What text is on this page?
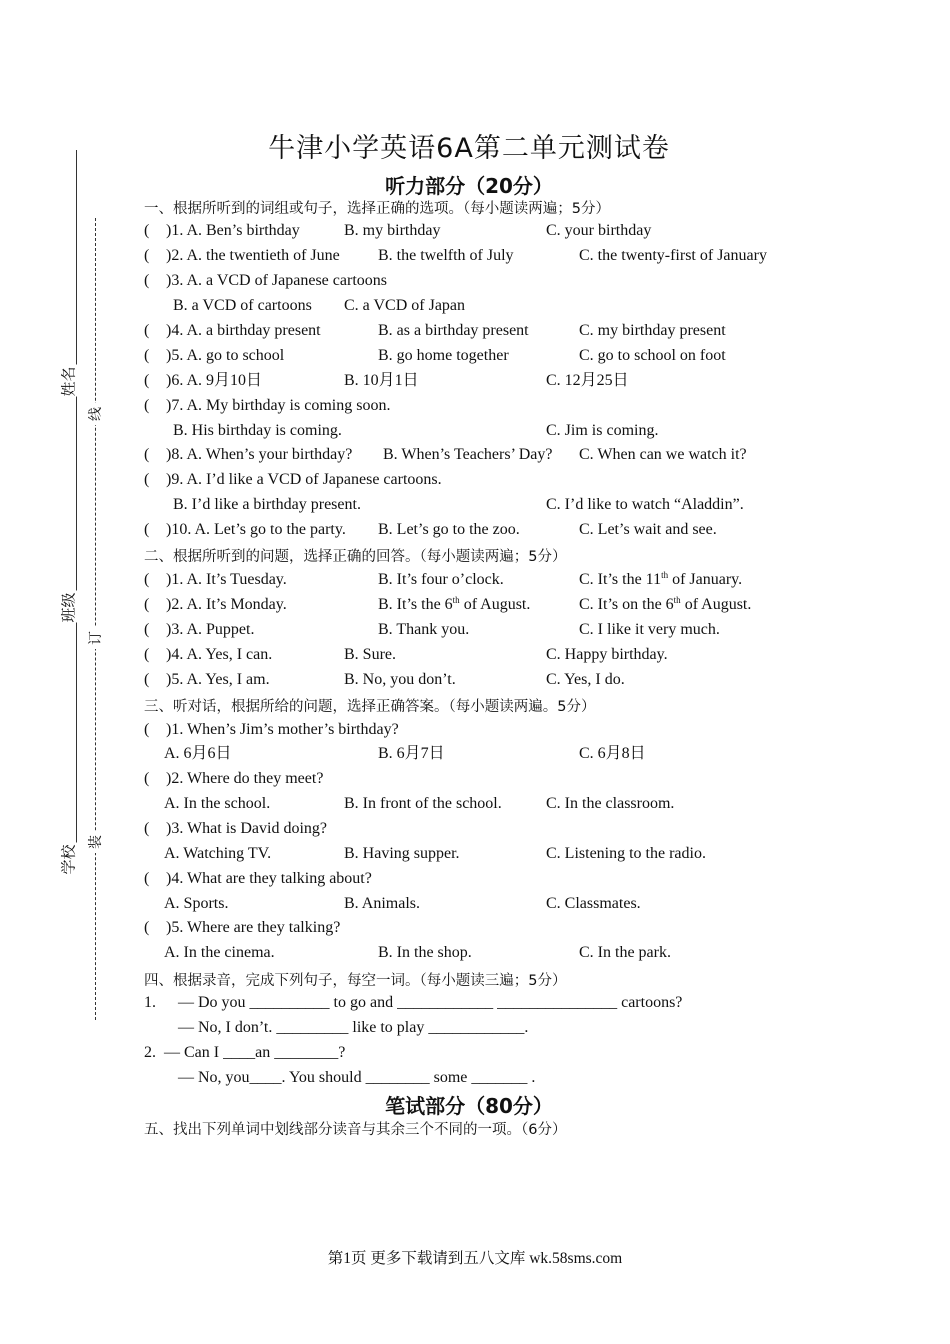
姓名
班级
学校
线
订
装
牛津小学英语6A第二单元测试卷
听力部分（20分）
一、根据所听到的词组或句子，选择正确的选项。（每小题读两遍；5分）
( )1. A. Ben’s birthday	B. my birthday	C. your birthday
( )2. A. the twentieth of June B. the twelfth of July	C. the twenty-first of January
( )3. A. a VCD of Japanese cartoons
B. a VCD of cartoons C. a VCD of Japan
( )4. A. a birthday present	B. as a birthday present	C. my birthday present
( )5. A. go to school	B. go home together	C. go to school on foot
( )6. A. 9月10日	B. 10月1日	C. 12月25日
( )7. A. My birthday is coming soon.
B. His birthday is coming.	C. Jim is coming.
( )8. A. When’s your birthday? B. When’s Teachers’ Day? C. When can we watch it?
( )9. A. I’d like a VCD of Japanese cartoons.
B. I’d like a birthday present.	C. I’d like to watch “Aladdin”.
( )10. A. Let’s go to the party. B. Let’s go to the zoo.	C. Let’s wait and see.
二、根据所听到的问题，选择正确的回答。（每小题读两遍；5分）
( )1. A. It’s Tuesday.	B. It’s four o’clock.	C. It’s the 11th of January.
( )2. A. It’s Monday.	B. It’s the 6th of August.	C. It’s on the 6th of August.
( )3. A. Puppet.	B. Thank you.	C. I like it very much.
( )4. A. Yes, I can.	B. Sure.	C. Happy birthday.
( )5. A. Yes, I am.	B. No, you don’t.	C. Yes, I do.
三、听对话，根据所给的问题，选择正确答案。（每小题读两遍。5分）
( )1. When’s Jim’s mother’s birthday?
A. 6月6日	B. 6月7日	C. 6月8日
( )2. Where do they meet?
A. In the school.	B. In front of the school.	C. In the classroom.
( )3. What is David doing?
A. Watching TV.	B. Having supper.	C. Listening to the radio.
( )4. What are they talking about?
A. Sports.	B. Animals.	C. Classmates.
( )5. Where are they talking?
A. In the cinema.	B. In the shop.	C. In the park.
四、根据录音，完成下列句子，每空一词。（每小题读三遍；5分）
1. — Do you __________ to go and ____________ _______________ cartoons?
— No, I don’t. _________ like to play ____________.
2. — Can I ____an ________?
— No, you____. You should ________ some _______ .
笔试部分（80分）
五、找出下列单词中划线部分读音与其余三个不同的一项。（6分）
第1页 更多下载请到五八文库 wk.58sms.com
